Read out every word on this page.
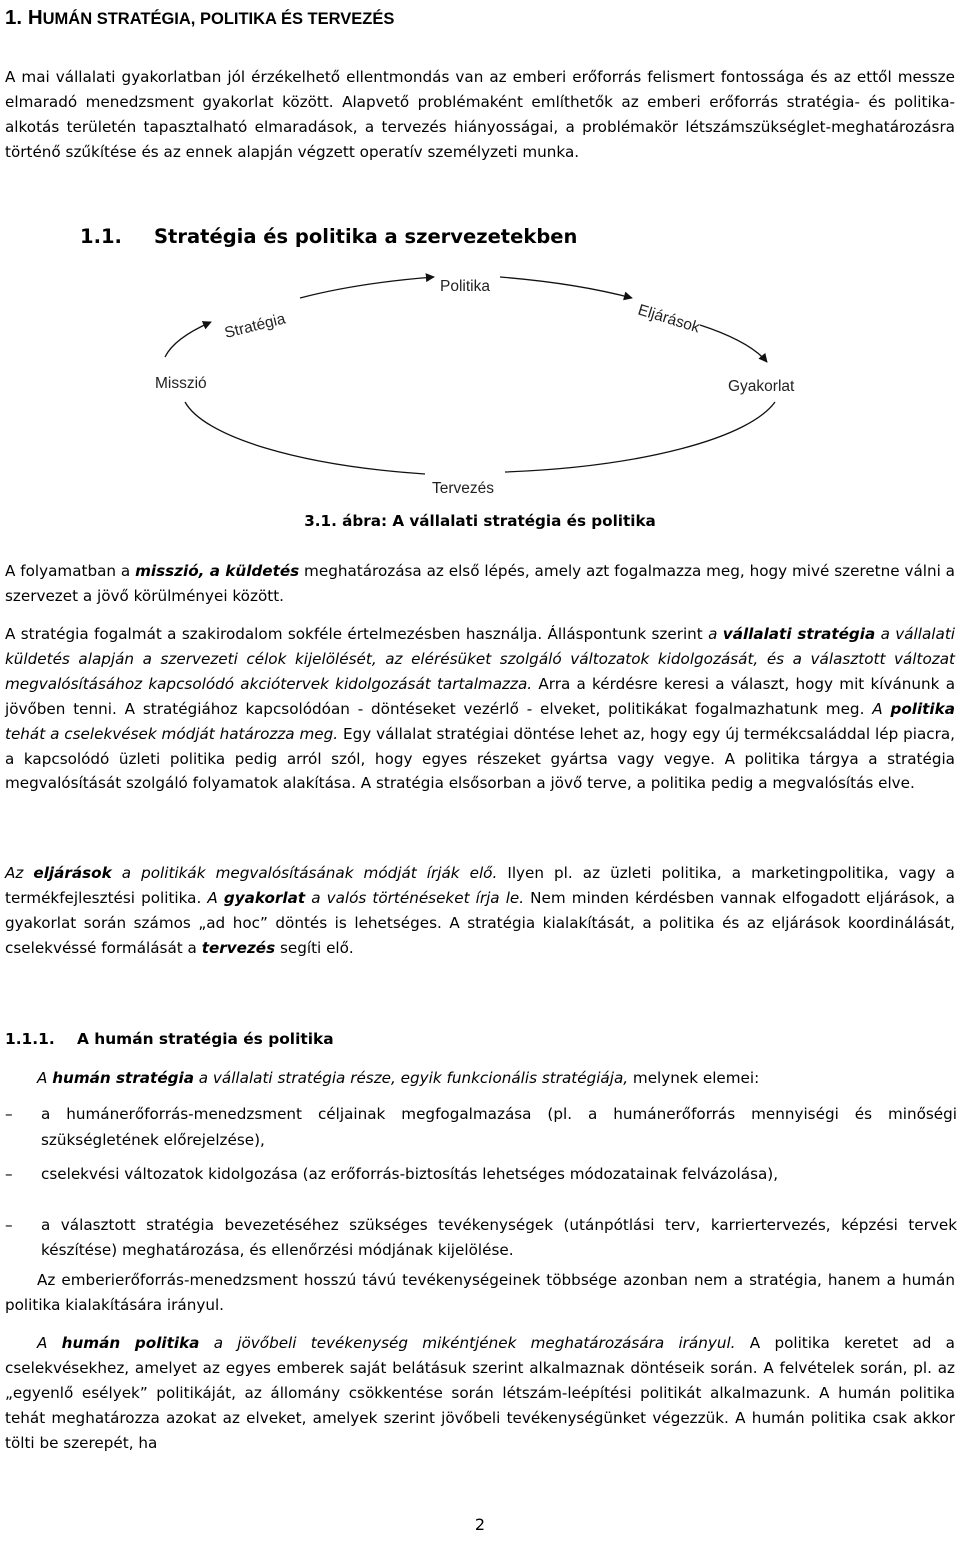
1. HUMÁN STRATÉGIA, POLITIKA ÉS TERVEZÉS

A mai vállalati gyakorlatban jól érzékelhető ellentmondás van az emberi erőforrás felismert fontossága és az ettől messze elmaradó menedzsment gyakorlat között. Alapvető problémaként említhetők az emberi erőforrás stratégia- és politika-alkotás területén tapasztalható elmaradások, a tervezés hiányosságai, a problémakör létszámszükséglet-meghatározásra történő szűkítése és az ennek alapján végzett operatív személyzeti munka.

1.1. Stratégia és politika a szervezetekben
Misszió
Stratégia
Politika
Eljárások
Gyakorlat
Tervezés
3.1. ábra: A vállalati stratégia és politika

A folyamatban a misszió, a küldetés meghatározása az első lépés, amely azt fogalmazza meg, hogy mivé szeretne válni a szervezet a jövő körülményei között.

A stratégia fogalmát a szakirodalom sokféle értelmezésben használja. Álláspontunk szerint a vállalati stratégia a vállalati küldetés alapján a szervezeti célok kijelölését, az elérésüket szolgáló változatok kidolgozását, és a választott változat megvalósításához kapcsolódó akciótervek kidolgozását tartalmazza. Arra a kérdésre keresi a választ, hogy mit kívánunk a jövőben tenni. A stratégiához kapcsolódóan - döntéseket vezérlő - elveket, politikákat fogalmazhatunk meg. A politika tehát a cselekvések módját határozza meg. Egy vállalat stratégiai döntése lehet az, hogy egy új termékcsaláddal lép piacra, a kapcsolódó üzleti politika pedig arról szól, hogy egyes részeket gyártsa vagy vegye. A politika tárgya a stratégia megvalósítását szolgáló folyamatok alakítása. A stratégia elsősorban a jövő terve, a politika pedig a megvalósítás elve.

Az eljárások a politikák megvalósításának módját írják elő. Ilyen pl. az üzleti politika, a marketingpolitika, vagy a termékfejlesztési politika. A gyakorlat a valós történéseket írja le. Nem minden kérdésben vannak elfogadott eljárások, a gyakorlat során számos „ad hoc” döntés is lehetséges. A stratégia kialakítását, a politika és az eljárások koordinálását, cselekvéssé formálását a tervezés segíti elő.

1.1.1. A humán stratégia és politika

A humán stratégia a vállalati stratégia része, egyik funkcionális stratégiája, melynek elemei:

– a humánerőforrás-menedzsment céljainak megfogalmazása (pl. a humánerőforrás mennyiségi és minőségi szükségletének előrejelzése),
– cselekvési változatok kidolgozása (az erőforrás-biztosítás lehetséges módozatainak felvázolása),
– a választott stratégia bevezetéséhez szükséges tevékenységek (utánpótlási terv, karriertervezés, képzési tervek készítése) meghatározása, és ellenőrzési módjának kijelölése.

Az emberierőforrás-menedzsment hosszú távú tevékenységeinek többsége azonban nem a stratégia, hanem a humán politika kialakítására irányul.

A humán politika a jövőbeli tevékenység mikéntjének meghatározására irányul. A politika keretet ad a cselekvésekhez, amelyet az egyes emberek saját belátásuk szerint alkalmaznak döntéseik során. A felvételek során, pl. az „egyenlő esélyek” politikáját, az állomány csökkentése során létszám-leépítési politikát alkalmazunk. A humán politika tehát meghatározza azokat az elveket, amelyek szerint jövőbeli tevékenységünket végezzük. A humán politika csak akkor tölti be szerepét, ha

2
